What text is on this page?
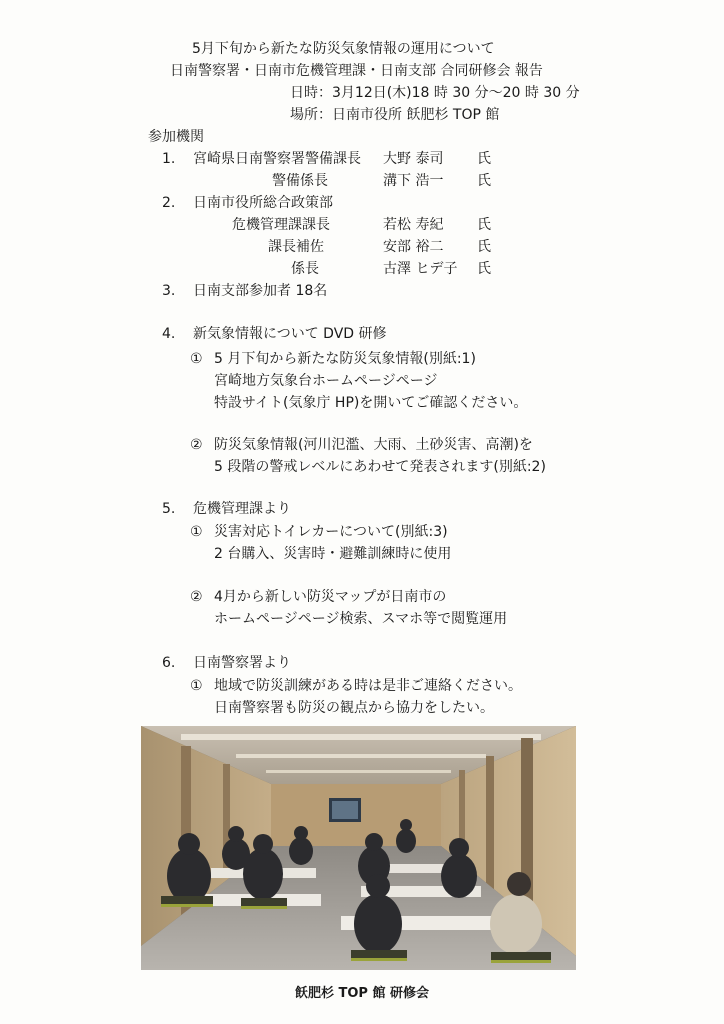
5月下旬から新たな防災気象情報の運用について
日南警察署・日南市危機管理課・日南支部 合同研修会 報告
日時：3月12日(木)18 時 30 分〜20 時 30 分
場所：日南市役所 飫肥杉 TOP 館
参加機関
1. 宮崎県日南警察署警備課長 大野 泰司 氏
警備係長	溝下 浩一 氏
2. 日南市役所総合政策部
危機管理課課長	若松 寿紀 氏
課長補佐	安部 裕二 氏
係長	古澤 ヒデ子 氏
3. 日南支部参加者 18名
4. 新気象情報について DVD 研修
① 5 月下旬から新たな防災気象情報(別紙:1)
宮崎地方気象台ホームページページ
特設サイト(気象庁 HP)を開いてご確認ください。
② 防災気象情報(河川氾濫、大雨、土砂災害、高潮)を
5 段階の警戒レベルにあわせて発表されます(別紙:2)
5. 危機管理課より
① 災害対応トイレカーについて(別紙:3)
2 台購入、災害時・避難訓練時に使用
② 4月から新しい防災マップが日南市の
ホームページページ検索、スマホ等で閲覧運用
6. 日南警察署より
① 地域で防災訓練がある時は是非ご連絡ください。
日南警察署も防災の観点から協力をしたい。
飫肥杉 TOP 館 研修会
